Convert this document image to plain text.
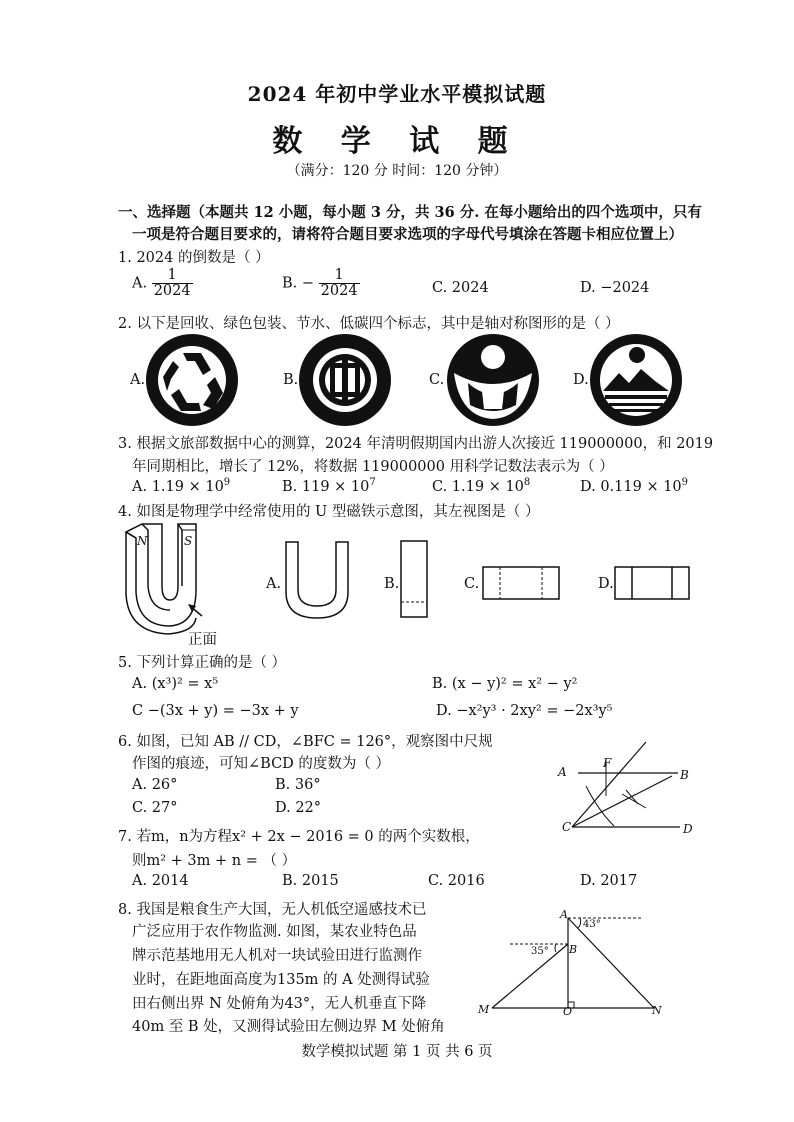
2024 年初中学业水平模拟试题
数 学 试 题
（满分：120 分 时间：120 分钟）
一、选择题（本题共 12 小题，每小题 3 分，共 36 分. 在每小题给出的四个选项中，只有
一项是符合题目要求的，请将符合题目要求选项的字母代号填涂在答题卡相应位置上）
1. 2024 的倒数是（ ）
A. $\frac{1}{2024}$	B. − $\frac{1}{2024}$	C. 2024	D. −2024
2. 以下是回收、绿色包装、节水、低碳四个标志，其中是轴对称图形的是（ ）
A.	B.	C.	D.
3. 根据文旅部数据中心的测算，2024 年清明假期国内出游人次接近 119000000，和 2019
年同期相比，增长了 12%，将数据 119000000 用科学记数法表示为（ ）
A. $1.19 \times 10^9$	B. $119 \times 10^7$	C. $1.19 \times 10^8$	D. $0.119 \times 10^9$
4. 如图是物理学中经常使用的 U 型磁铁示意图，其左视图是（ ）
N	S
正面
A.	B.	C.	D.
5. 下列计算正确的是（ ）
A. (x³)² = x⁵	B. (x − y)² = x² − y²
C −(3x + y) = −3x + y	D. −x²y³ · 2xy² = −2x³y⁵
6. 如图，已知 AB // CD，∠BFC = 126°，观察图中尺规
作图的痕迹，可知∠BCD 的度数为（ ）
A. 26°	B. 36°
C. 27°	D. 22°
A
F
B
C	D
7. 若m，n为方程x² + 2x − 2016 = 0 的两个实数根，
则m² + 3m + n = （ ）
A. 2014	B. 2015	C. 2016	D. 2017
8. 我国是粮食生产大国，无人机低空遥感技术已
广泛应用于农作物监测. 如图，某农业特色品
牌示范基地用无人机对一块试验田进行监测作
业时，在距地面高度为135m 的 A 处测得试验
田右侧出界 N 处俯角为43°，无人机垂直下降
40m 至 B 处，又测得试验田左侧边界 M 处俯角
A
43°
35° B
M	O	N
数学模拟试题 第 1 页 共 6 页
